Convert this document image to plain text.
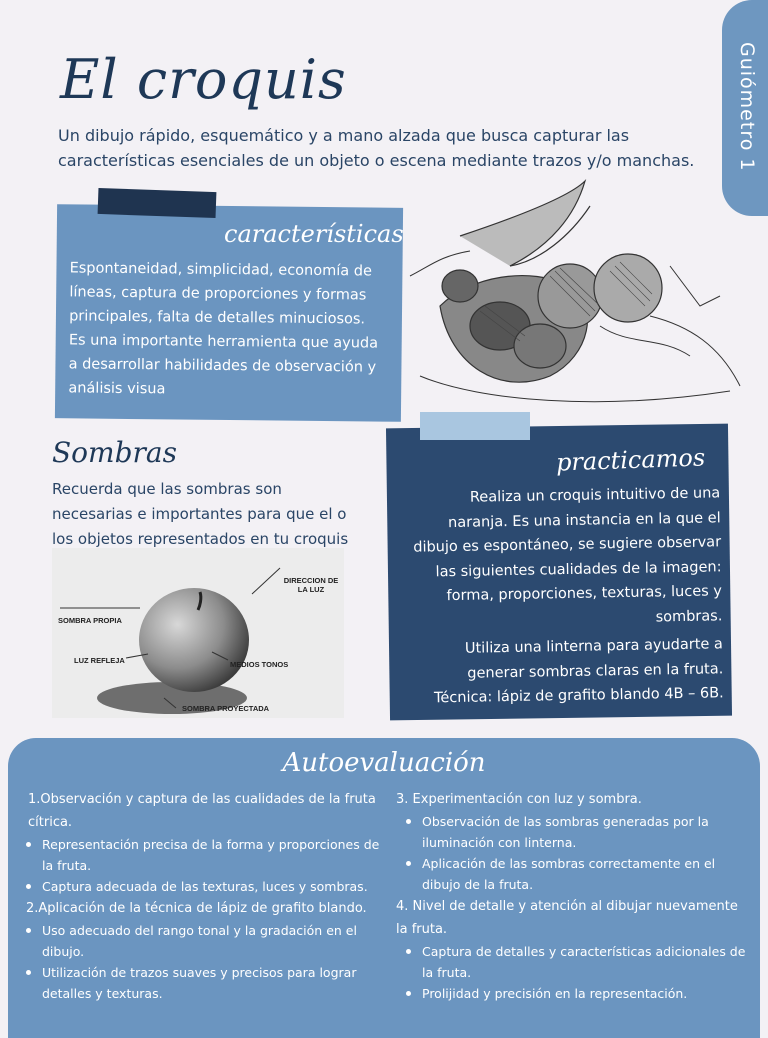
Guiómetro 1
El croquis
Un dibujo rápido, esquemático y a mano alzada que busca capturar las características esenciales de un objeto o escena mediante trazos y/o manchas.
características
Espontaneidad, simplicidad, economía de líneas, captura de proporciones y formas principales, falta de detalles minuciosos. Es una importante herramienta que ayuda a desarrollar habilidades de observación y análisis visua
Sombras
Recuerda que las sombras son necesarias e importantes para que el o los objetos representados en tu croquis
DIRECCION DE LA LUZ
SOMBRA PROPIA
LUZ REFLEJA	MEDIOS TONOS
SOMBRA PROYECTADA
practicamos

Realiza un croquis intuitivo de una naranja. Es una instancia en la que el dibujo es espontáneo, se sugiere observar las siguientes cualidades de la imagen: forma, proporciones, texturas, luces y sombras.

Utiliza una linterna para ayudarte a generar sombras claras en la fruta.

Técnica: lápiz de grafito blando 4B – 6B.

Autoevaluación

1.Observación y captura de las cualidades de la fruta cítrica.

Representación precisa de la forma y proporciones de la fruta.
Captura adecuada de las texturas, luces y sombras.

2.Aplicación de la técnica de lápiz de grafito blando.

Uso adecuado del rango tonal y la gradación en el dibujo.
Utilización de trazos suaves y precisos para lograr detalles y texturas.

3. Experimentación con luz y sombra.

Observación de las sombras generadas por la iluminación con linterna.
Aplicación de las sombras correctamente en el dibujo de la fruta.

4. Nivel de detalle y atención al dibujar nuevamente la fruta.

Captura de detalles y características adicionales de la fruta.
Prolijidad y precisión en la representación.
